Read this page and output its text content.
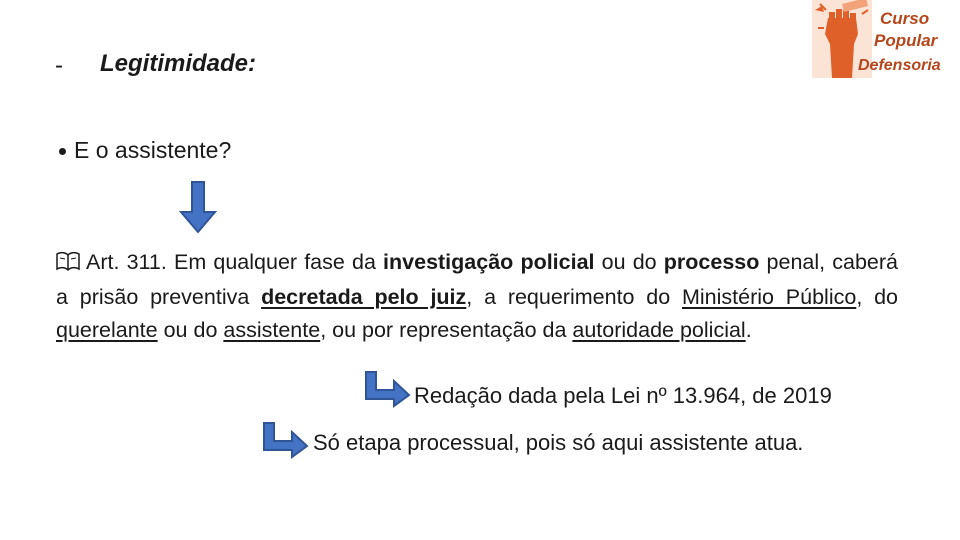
- Legitimidade:
Curso
Popular
Defensoria
E o assistente?
Art. 311. Em qualquer fase da investigação policial ou do processo penal, caberá a prisão preventiva decretada pelo juiz, a requerimento do Ministério Público, do querelante ou do assistente, ou por representação da autoridade policial.
Redação dada pela Lei nº 13.964, de 2019
Só etapa processual, pois só aqui assistente atua.
